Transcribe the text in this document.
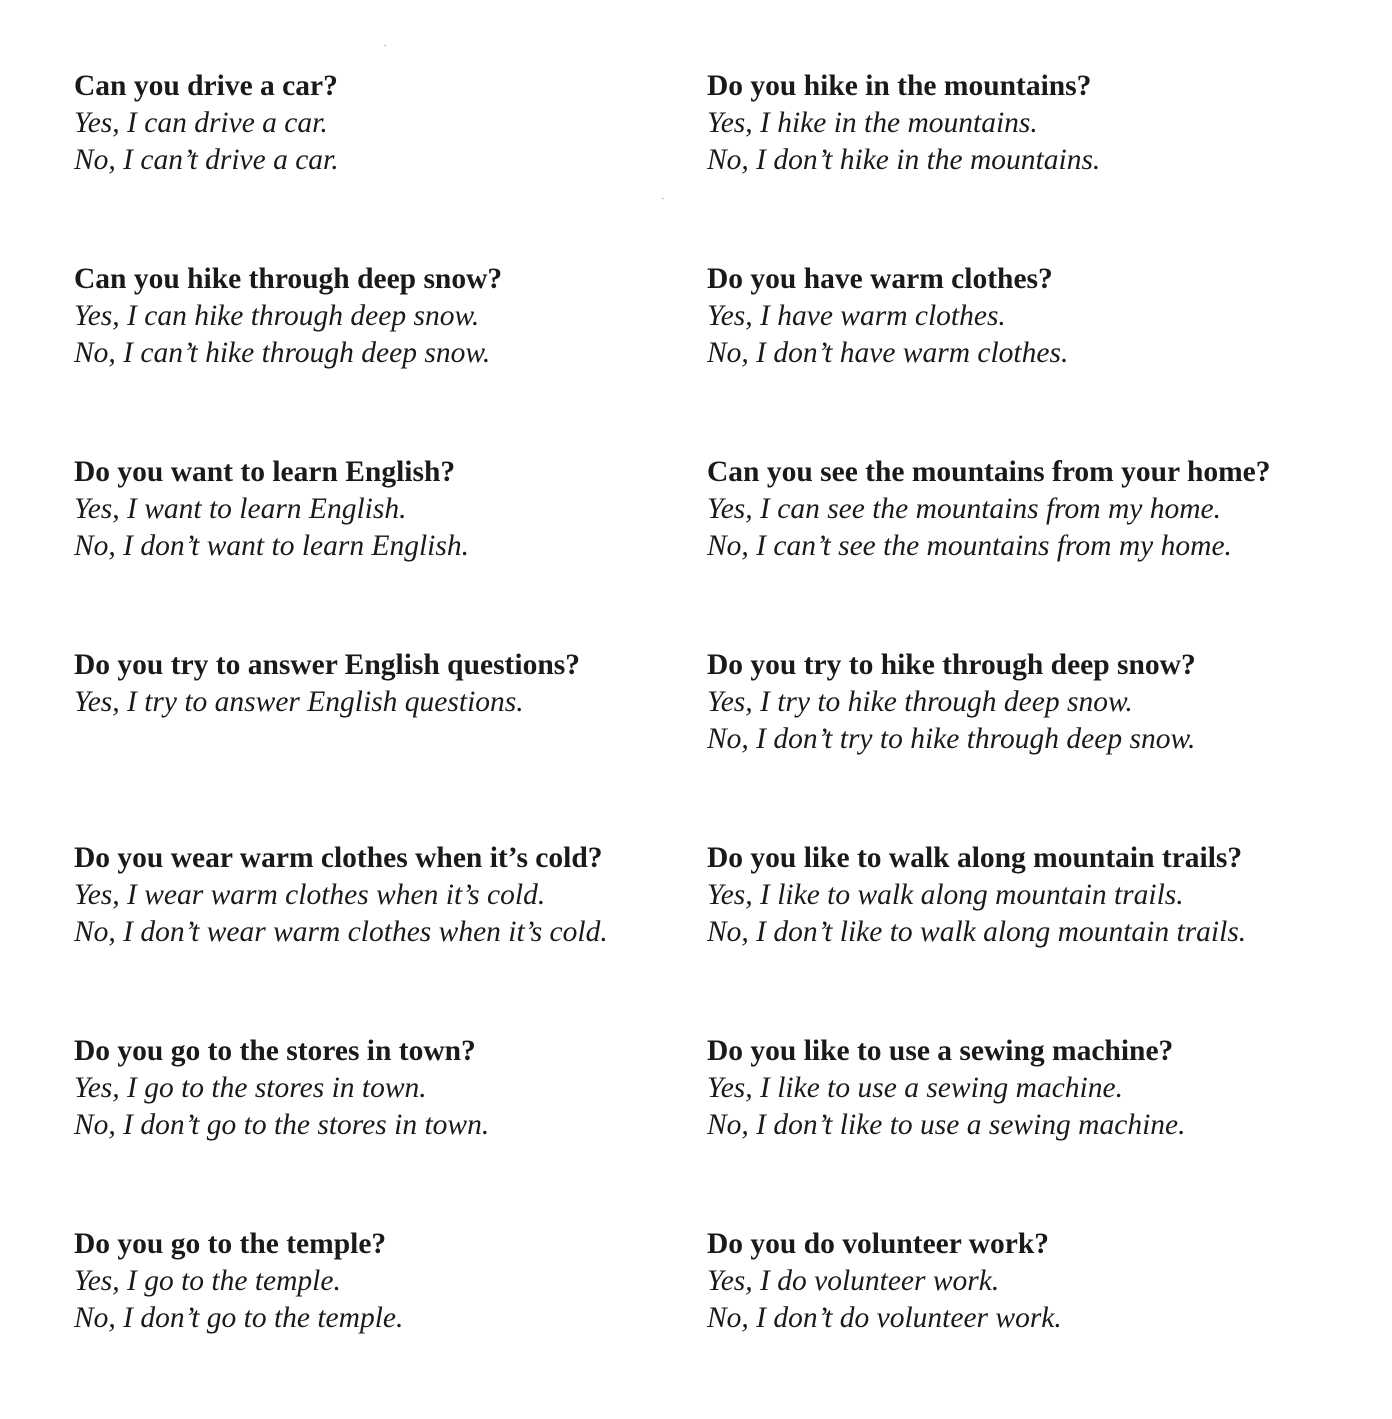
Can you drive a car?
Yes, I can drive a car.
No, I can’t drive a car.
Can you hike through deep snow?
Yes, I can hike through deep snow.
No, I can’t hike through deep snow.
Do you want to learn English?
Yes, I want to learn English.
No, I don’t want to learn English.
Do you try to answer English questions?
Yes, I try to answer English questions.
Do you wear warm clothes when it’s cold?
Yes, I wear warm clothes when it’s cold.
No, I don’t wear warm clothes when it’s cold.
Do you go to the stores in town?
Yes, I go to the stores in town.
No, I don’t go to the stores in town.
Do you go to the temple?
Yes, I go to the temple.
No, I don’t go to the temple.
Do you hike in the mountains?
Yes, I hike in the mountains.
No, I don’t hike in the mountains.
Do you have warm clothes?
Yes, I have warm clothes.
No, I don’t have warm clothes.
Can you see the mountains from your home?
Yes, I can see the mountains from my home.
No, I can’t see the mountains from my home.
Do you try to hike through deep snow?
Yes, I try to hike through deep snow.
No, I don’t try to hike through deep snow.
Do you like to walk along mountain trails?
Yes, I like to walk along mountain trails.
No, I don’t like to walk along mountain trails.
Do you like to use a sewing machine?
Yes, I like to use a sewing machine.
No, I don’t like to use a sewing machine.
Do you do volunteer work?
Yes, I do volunteer work.
No, I don’t do volunteer work.
